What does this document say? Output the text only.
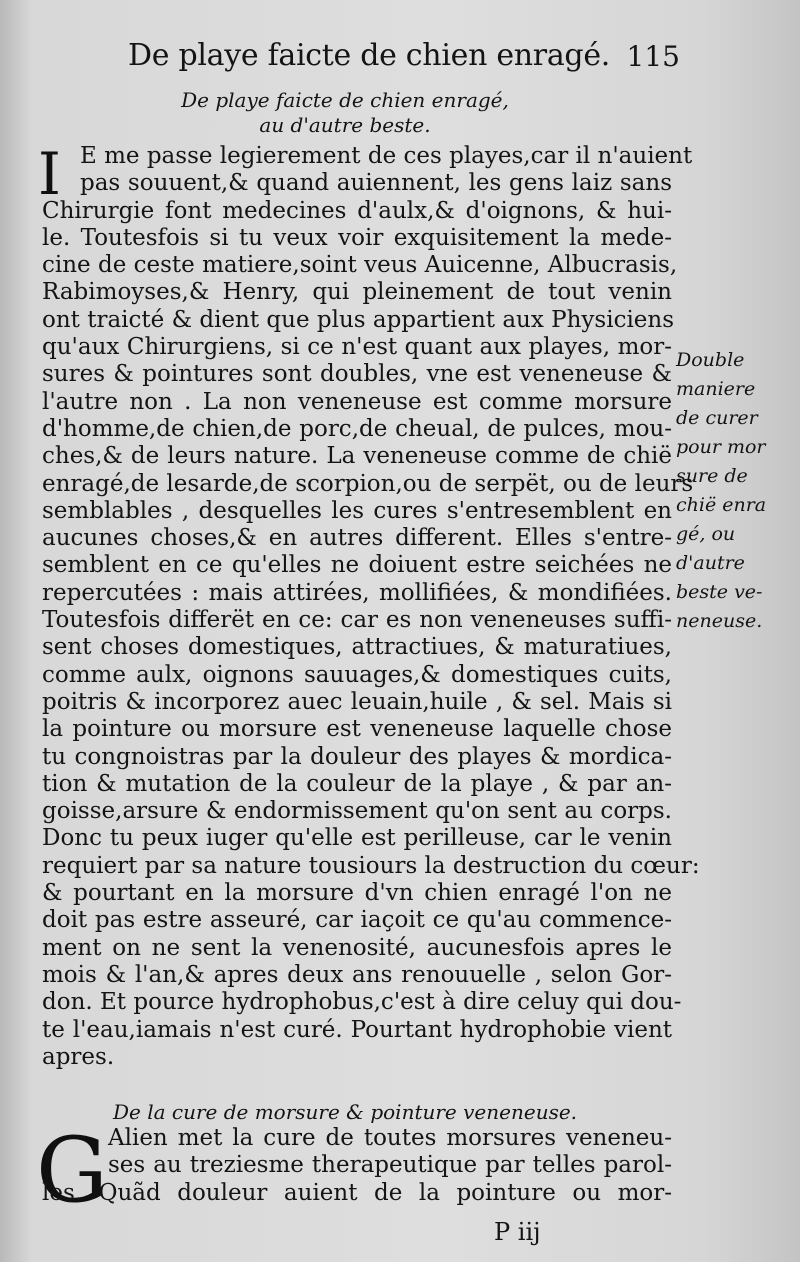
De playe faicte de chien enragé. 115
De playe faicte de chien enragé,
au d'autre beste.
I E me passe legierement de ces playes,car il n'auient
pas souuent,& quand auiennent, les gens laiz sans
Chirurgie font medecines d'aulx,& d'oignons, & hui-
le. Toutesfois si tu veux voir exquisitement la mede-
cine de ceste matiere,soint veus Auicenne, Albucrasis,
Rabimoyses,& Henry, qui pleinement de tout venin
ont traicté & dient que plus appartient aux Physiciens
qu'aux Chirurgiens, si ce n'est quant aux playes, mor-
sures & pointures sont doubles, vne est veneneuse &
l'autre non . La non veneneuse est comme morsure
d'homme,de chien,de porc,de cheual, de pulces, mou-
ches,& de leurs nature. La veneneuse comme de chië
enragé,de lesarde,de scorpion,ou de serpët, ou de leurs
semblables , desquelles les cures s'entresemblent en
aucunes choses,& en autres different. Elles s'entre-
semblent en ce qu'elles ne doiuent estre seichées ne
repercutées : mais attirées, mollifiées, & mondifiées.
Toutesfois differët en ce: car es non veneneuses suffi-
sent choses domestiques, attractiues, & maturatiues,
comme aulx, oignons sauuages,& domestiques cuits,
poitris & incorporez auec leuain,huile , & sel. Mais si
la pointure ou morsure est veneneuse laquelle chose
tu congnoistras par la douleur des playes & mordica-
tion & mutation de la couleur de la playe , & par an-
goisse,arsure & endormissement qu'on sent au corps.
Donc tu peux iuger qu'elle est perilleuse, car le venin
requiert par sa nature tousiours la destruction du cœur:
& pourtant en la morsure d'vn chien enragé l'on ne
doit pas estre asseuré, car iaçoit ce qu'au commence-
ment on ne sent la venenosité, aucunesfois apres le
mois & l'an,& apres deux ans renouuelle , selon Gor-
don. Et pource hydrophobus,c'est à dire celuy qui dou-
te l'eau,iamais n'est curé. Pourtant hydrophobie vient
apres.
Double
maniere
de curer
pour mor
sure de
chië enra
gé, ou
d'autre
beste ve-
neneuse.
De la cure de morsure & pointure veneneuse.
G Alien met la cure de toutes morsures veneneu-
ses au treziesme therapeutique par telles parol-
les. Quãd douleur auient de la pointure ou mor-
P iij
